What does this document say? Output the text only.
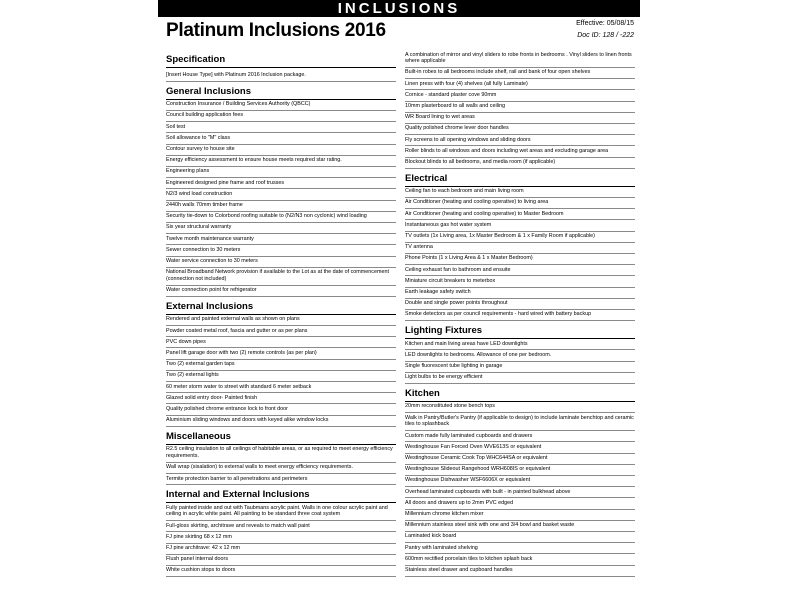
INCLUSIONS
Platinum Inclusions 2016	Effective: 05/08/15
Doc ID: 128 / -222
Specification
[Insert House Type] with Platinum 2016 Inclusion package.
General Inclusions
Construction Insurance / Building Services Authority (QBCC)
Council building application fees
Soil test
Soil allowance to "M" class
Contour survey to house site
Energy efficiency assessment to ensure house meets required star rating.
Engineering plans
Engineered designed pine frame and roof trusses
N2/3 wind load construction
2440h walls 70mm timber frame
Security tie-down to Colorbond roofing suitable to (N2/N3 non cyclonic) wind loading
Six year structural warranty
Twelve month maintenance warranty
Sewer connection to 30 meters
Water service connection to 30 meters
National Broadband Network provision if available to the Lot as at the date of commencement (connection not included)
Water connection point for refrigerator
External Inclusions
Rendered and painted external walls as shown on plans
Powder coated metal roof, fascia and gutter or as per plans
PVC down pipes
Panel lift garage door with two (2) remote controls (as per plan)
Two (2) external garden taps
Two (2) external lights
60 meter storm water to street with standard 6 meter setback
Glazed solid entry door- Painted finish
Quality polished chrome entrance lock to front door
Aluminium sliding windows and doors with keyed alike window locks
Miscellaneous
R2.5 ceiling insulation to all ceilings of habitable areas, or as required to meet energy efficiency requirements.
Wall wrap (sisalation) to external walls to meet energy efficiency requirements.
Termite protection barrier to all penetrations and perimeters
Internal and External Inclusions
Fully painted inside and out with Taubmans acrylic paint. Walls in one colour acrylic paint and ceiling in acrylic white paint. All painting to be standard three coat system
Full-gloss skirting, architrave and reveals to match wall paint
FJ pine skirting 68 x 12 mm
FJ pine architrave: 42 x 12 mm
Flush panel internal doors
White cushion stops to doors
A combination of mirror and vinyl sliders to robe fronts in bedrooms . Vinyl sliders to linen fronts where applicable
Built-in robes to all bedrooms include shelf, rail and bank of four open shelves
Linen press with four (4) shelves (all fully Laminate)
Cornice - standard plaster cove 90mm
10mm plasterboard to all walls and ceiling
WR Board lining to wet areas
Quality polished chrome lever door handles
Fly screens to all opening windows and sliding doors
Roller blinds to all windows and doors including wet areas and excluding garage area
Blockout blinds to all bedrooms, and media room (if applicable)
Electrical
Ceiling fan to each bedroom and main living room
Air Conditioner (heating and cooling operative) to living area
Air Conditioner (heating and cooling operative) to Master Bedroom
Instantaneous gas hot water system
TV outlets (1x Living area, 1x Master Bedroom & 1 x Family Room if applicable)
TV antenna
Phone Points (1 x Living Area & 1 x Master Bedroom)
Ceiling exhaust fan to bathroom and ensuite
Miniature circuit breakers to meterbox
Earth leakage safety switch
Double and single power points throughout
Smoke detectors as per council requirements - hard wired with battery backup
Lighting Fixtures
Kitchen and main living areas have LED downlights
LED downlights to bedrooms. Allowance of one per bedroom.
Single fluorescent tube lighting in garage
Light bulbs to be energy efficient
Kitchen
20mm reconstituted stone bench tops
Walk in Pantry/Butler's Pantry (if applicable to design) to include laminate benchtop and ceramic tiles to splashback
Custom made fully laminated cupboards and drawers
Westinghouse Fan Forced Oven WVE613S or equivalent
Westinghouse Ceramic Cook Top WHC644SA or equivalent
Westinghouse Slideout Rangehood WRH608IS or equivalent
Westinghouse Dishwasher WSF6606X or equivalent
Overhead laminated cupboards with built - in painted bulkhead above
All doors and drawers up to 2mm PVC edged
Millennium chrome kitchen mixer
Millennium stainless steel sink with one and 3/4 bowl and basket waste
Laminated kick board
Pantry with laminated shelving
600mm rectified porcelain tiles to kitchen splash back
Stainless steel drawer and cupboard handles
